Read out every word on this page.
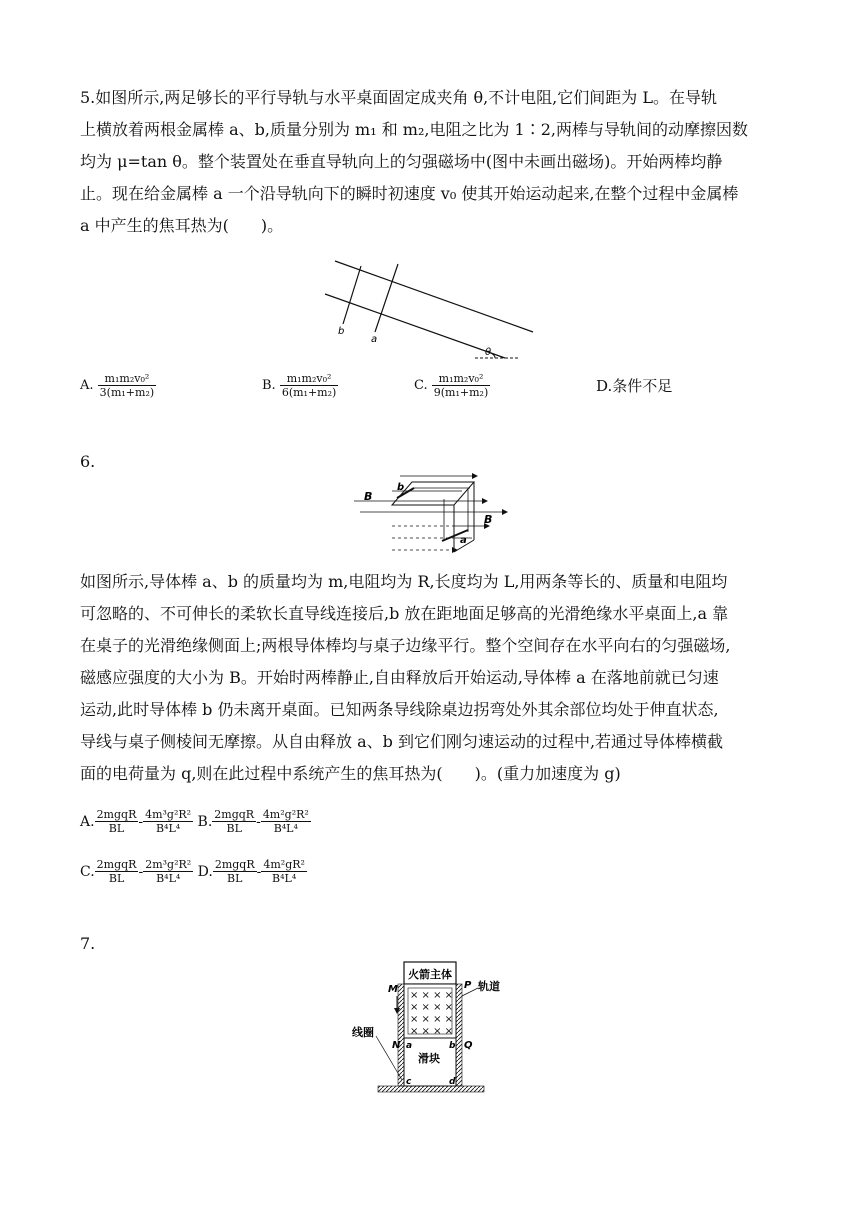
5.如图所示,两足够长的平行导轨与水平桌面固定成夹角 θ,不计电阻,它们间距为 L。在导轨
上横放着两根金属棒 a、b,质量分别为 m₁ 和 m₂,电阻之比为 1∶2,两棒与导轨间的动摩擦因数
均为 μ=tan θ。整个装置处在垂直导轨向上的匀强磁场中(图中未画出磁场)。开始两棒均静
止。现在给金属棒 a 一个沿导轨向下的瞬时初速度 v₀ 使其开始运动起来,在整个过程中金属棒
a 中产生的焦耳热为(　　)。
b
a
θ
A. $\frac{\text{m₁m₂v₀²}}{\text{3(m₁+m₂)}}$	B. $\frac{\text{m₁m₂v₀²}}{\text{6(m₁+m₂)}}$	C. $\frac{\text{m₁m₂v₀²}}{\text{9(m₁+m₂)}}$	D.条件不足
6.
B
b
B
a
如图所示,导体棒 a、b 的质量均为 m,电阻均为 R,长度均为 L,用两条等长的、质量和电阻均
可忽略的、不可伸长的柔软长直导线连接后,b 放在距地面足够高的光滑绝缘水平桌面上,a 靠
在桌子的光滑绝缘侧面上;两根导体棒均与桌子边缘平行。整个空间存在水平向右的匀强磁场,
磁感应强度的大小为 B。开始时两棒静止,自由释放后开始运动,导体棒 a 在落地前就已匀速
运动,此时导体棒 b 仍未离开桌面。已知两条导线除桌边拐弯处外其余部位均处于伸直状态,
导线与桌子侧棱间无摩擦。从自由释放 a、b 到它们刚匀速运动的过程中,若通过导体棒横截
面的电荷量为 q,则在此过程中系统产生的焦耳热为(　　)。(重力加速度为 g)
A. $\frac{\text{2mgqR}}{BL} - \frac{\text{4m³g²R²}}{\text{B⁴L⁴}} B$. $\frac{\text{2mgqR}}{BL} - \frac{\text{4m²g²R²}}{\text{B⁴L⁴}}$
C. $\frac{\text{2mgqR}}{BL} - \frac{\text{2m³g²R²}}{\text{B⁴L⁴}} D$. $\frac{\text{2mgqR}}{BL} - \frac{\text{4m²gR²}}{\text{B⁴L⁴}}$
7.
× × × ×
× × × ×
× × × ×
× × × ×
火箭主体
轨道
线圈
滑块
M
N
P
Q
a	b
c	d
